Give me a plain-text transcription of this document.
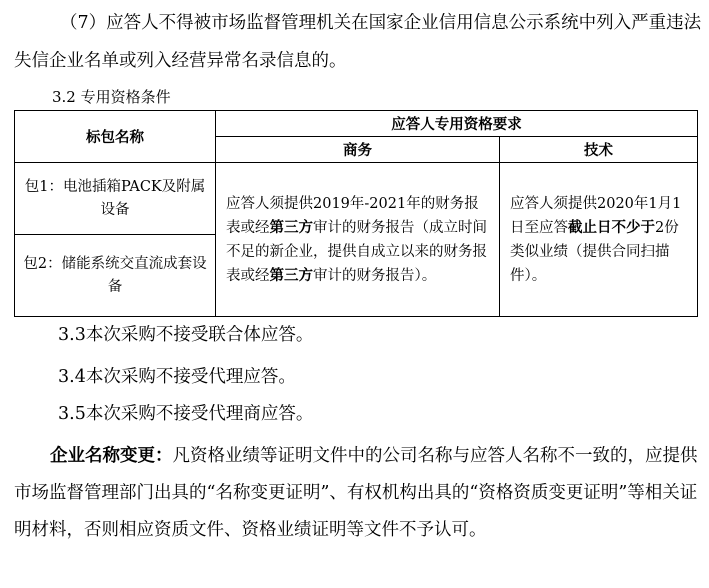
（7）应答人不得被市场监督管理机关在国家企业信用信息公示系统中列入严重违法失信企业名单或列入经营异常名录信息的。
3.2 专用资格条件
标包名称	应答人专用资格要求	
	商务	技术
包1：电池插箱PACK及附属设备	应答人须提供2019年-2021年的财务报表或经第三方审计的财务报告（成立时间不足的新企业，提供自成立以来的财务报表或经第三方审计的财务报告）。	应答人须提供2020年1月1日至应答截止日不少于2份类似业绩（提供合同扫描件）。
包2：储能系统交直流成套设备		
3.3本次采购不接受联合体应答。
3.4本次采购不接受代理应答。
3.5本次采购不接受代理商应答。
企业名称变更：凡资格业绩等证明文件中的公司名称与应答人名称不一致的，应提供市场监督管理部门出具的“名称变更证明”、有权机构出具的“资格资质变更证明”等相关证明材料，否则相应资质文件、资格业绩证明等文件不予认可。
